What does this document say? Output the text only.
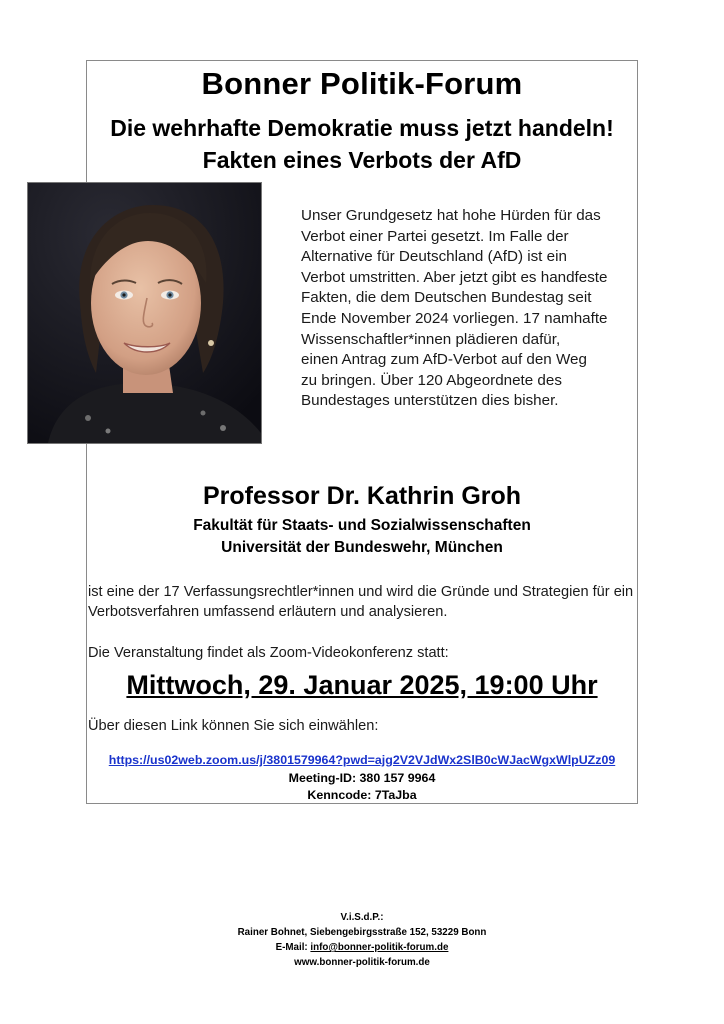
Bonner Politik-Forum
Die wehrhafte Demokratie muss jetzt handeln!
Fakten eines Verbots der AfD
Unser Grundgesetz hat hohe Hürden für das
Verbot einer Partei gesetzt. Im Falle der
Alternative für Deutschland (AfD) ist ein
Verbot umstritten. Aber jetzt gibt es handfeste
Fakten, die dem Deutschen Bundestag seit
Ende November 2024 vorliegen. 17 namhafte
Wissenschaftler*innen plädieren dafür,
einen Antrag zum AfD-Verbot auf den Weg
zu bringen. Über 120 Abgeordnete des
Bundestages unterstützen dies bisher.
Professor Dr. Kathrin Groh
Fakultät für Staats- und Sozialwissenschaften
Universität der Bundeswehr, München
ist eine der 17 Verfassungsrechtler*innen und wird die Gründe und Strategien für ein
Verbotsverfahren umfassend erläutern und analysieren.
Die Veranstaltung findet als Zoom-Videokonferenz statt:
Mittwoch, 29. Januar 2025, 19:00 Uhr
Über diesen Link können Sie sich einwählen:
https://us02web.zoom.us/j/3801579964?pwd=ajg2V2VJdWx2SlB0cWJacWgxWlpUZz09
Meeting-ID: 380 157 9964
Kenncode: 7TaJba
V.i.S.d.P.:
Rainer Bohnet, Siebengebirgsstraße 152, 53229 Bonn
E-Mail: info@bonner-politik-forum.de
www.bonner-politik-forum.de
